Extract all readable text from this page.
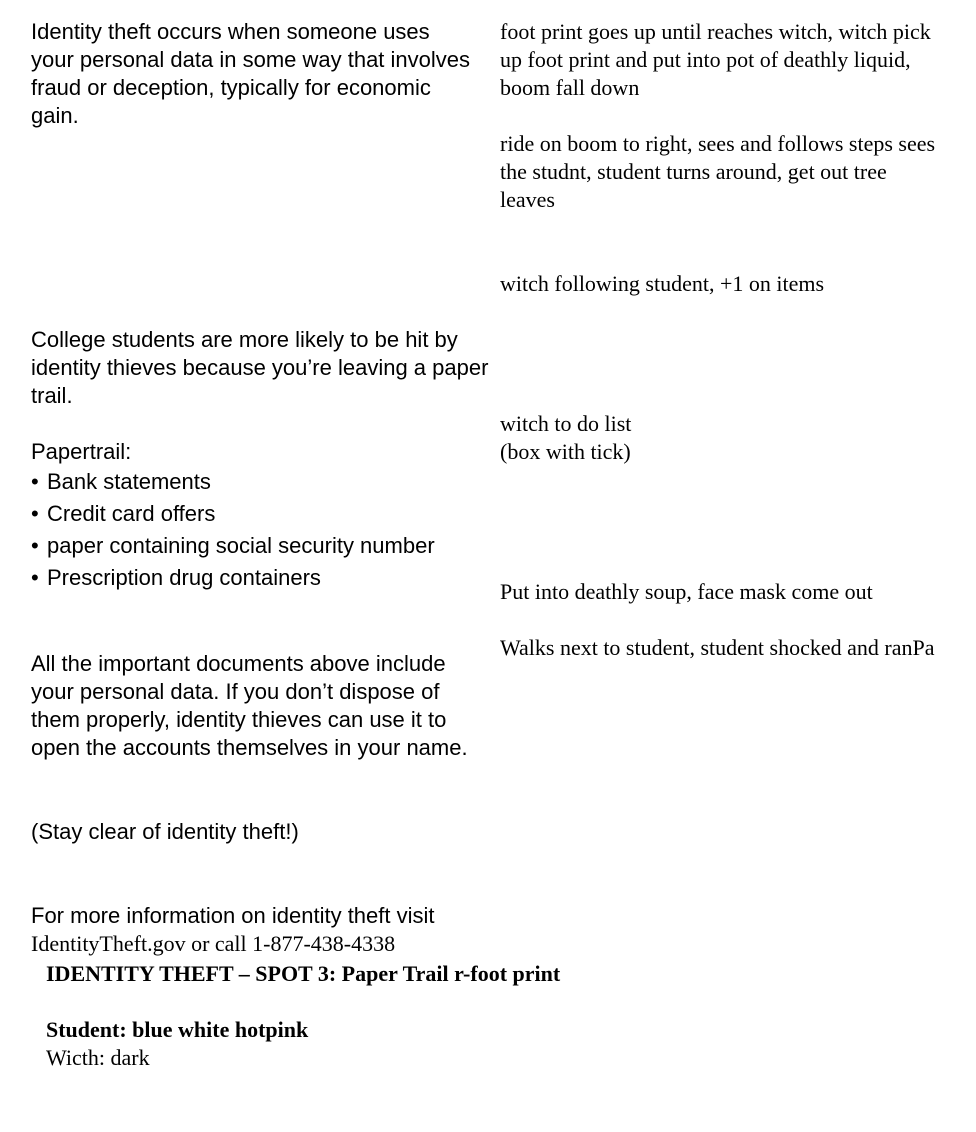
Identity theft occurs when someone uses your personal data in some way that involves fraud or deception, typically for economic gain.

College students are more likely to be hit by identity thieves because you’re leaving a paper trail.

Papertrail:
• Bank statements
• Credit card offers
• paper containing social security number
• Prescription drug containers

All the important documents above include your personal data. If you don’t dispose of them properly, identity thieves can use it to open the accounts themselves in your name.

(Stay clear of identity theft!)

For more information on identity theft visit
IdentityTheft.gov or call 1-877-438-4338

foot print goes up until reaches witch, witch pick up foot print and put into pot of deathly liquid, boom fall down

ride on boom to right, sees and follows steps sees the studnt, student turns around, get out tree leaves

witch following student, +1 on items

witch to do list
(box with tick)

Put into deathly soup, face mask come out

Walks next to student, student shocked and ranPa

IDENTITY THEFT – SPOT 3: Paper Trail r-foot print
Student: blue white hotpink
Wicth: dark
